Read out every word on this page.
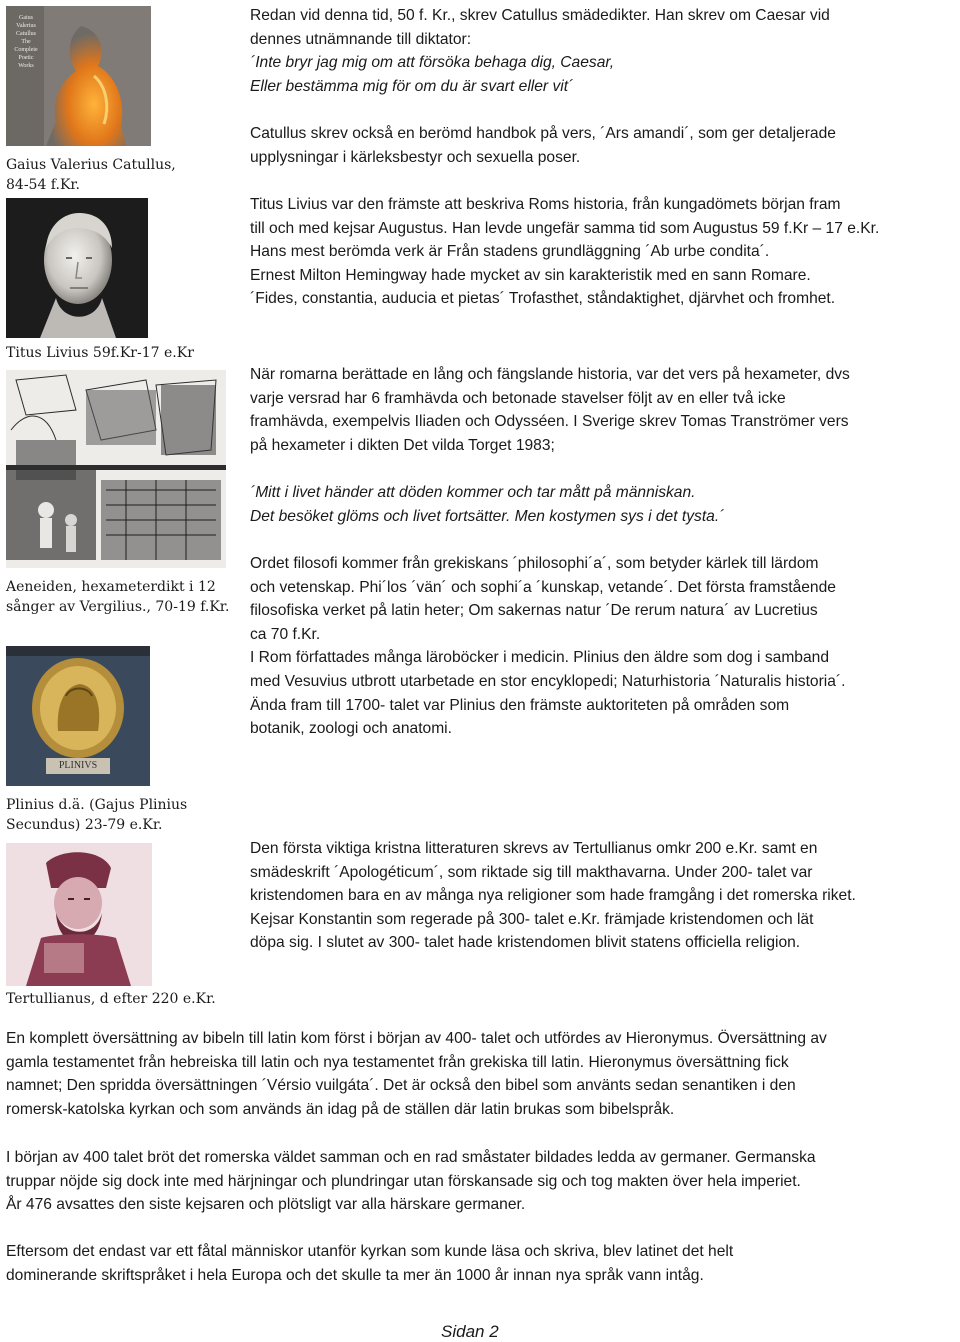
Gaius Valerius
Catullus
The
Complete
Poetic
Works
PLINIVS

Gaius Valerius Catullus,

84-54 f.Kr.

Titus Livius 59f.Kr-17 e.Kr

Aeneiden, hexameterdikt i 12

sånger av Vergilius., 70-19 f.Kr.

Plinius d.ä. (Gajus Plinius

Secundus) 23-79 e.Kr.

Tertullianus, d efter 220 e.Kr.

Redan vid denna tid, 50 f. Kr., skrev Catullus smädedikter. Han skrev om Caesar vid

dennes utnämnande till diktator:

´Inte bryr jag mig om att försöka behaga dig, Caesar,

Eller bestämma mig för om du är svart eller vit´

Catullus skrev också en berömd handbok på vers, ´Ars amandi´, som ger detaljerade

upplysningar i kärleksbestyr och sexuella poser.

Titus Livius var den främste att beskriva Roms historia, från kungadömets början fram

till och med kejsar Augustus. Han levde ungefär samma tid som Augustus 59 f.Kr – 17 e.Kr.

Hans mest berömda verk är Från stadens grundläggning ´Ab urbe condita´.

Ernest Milton Hemingway hade mycket av sin karakteristik med en sann Romare.

´Fides, constantia, auducia et pietas´ Trofasthet, ståndaktighet, djärvhet och fromhet.

När romarna berättade en lång och fängslande historia, var det vers på hexameter, dvs

varje versrad har 6 framhävda och betonade stavelser följt av en eller två icke

framhävda, exempelvis Iliaden och Odysséen. I Sverige skrev Tomas Tranströmer vers

på hexameter i dikten Det vilda Torget 1983;

´Mitt i livet händer att döden kommer och tar mått på människan.

Det besöket glöms och livet fortsätter. Men kostymen sys i det tysta.´

Ordet filosofi kommer från grekiskans ´philosophi´a´, som betyder kärlek till lärdom

och vetenskap. Phi´los ´vän´ och sophi´a ´kunskap, vetande´. Det första framstående

filosofiska verket på latin heter; Om sakernas natur ´De rerum natura´ av Lucretius

ca 70 f.Kr.

I Rom författades många läroböcker i medicin. Plinius den äldre som dog i samband

med Vesuvius utbrott utarbetade en stor encyklopedi; Naturhistoria ´Naturalis historia´.

Ända fram till 1700- talet var Plinius den främste auktoriteten på områden som

botanik, zoologi och anatomi.

Den första viktiga kristna litteraturen skrevs av Tertullianus omkr 200 e.Kr. samt en

smädeskrift ´Apologéticum´, som riktade sig till makthavarna. Under 200- talet var

kristendomen bara en av många nya religioner som hade framgång i det romerska riket.

Kejsar Konstantin som regerade på 300- talet e.Kr. främjade kristendomen och lät

döpa sig. I slutet av 300- talet hade kristendomen blivit statens officiella religion.

En komplett översättning av bibeln till latin kom först i början av 400- talet och utfördes av Hieronymus. Översättning av

gamla testamentet från hebreiska till latin och nya testamentet från grekiska till latin. Hieronymus översättning fick

namnet; Den spridda översättningen ´Vérsio vuilgáta´. Det är också den bibel som använts sedan senantiken i den

romersk-katolska kyrkan och som används än idag på de ställen där latin brukas som bibelspråk.

I början av 400 talet bröt det romerska väldet samman och en rad småstater bildades ledda av germaner. Germanska

truppar nöjde sig dock inte med härjningar och plundringar utan förskansade sig och tog makten över hela imperiet.

År 476 avsattes den siste kejsaren och plötsligt var alla härskare germaner.

Eftersom det endast var ett fåtal människor utanför kyrkan som kunde läsa och skriva, blev latinet det helt

dominerande skriftspråket i hela Europa och det skulle ta mer än 1000 år innan nya språk vann intåg.

Sidan 2
